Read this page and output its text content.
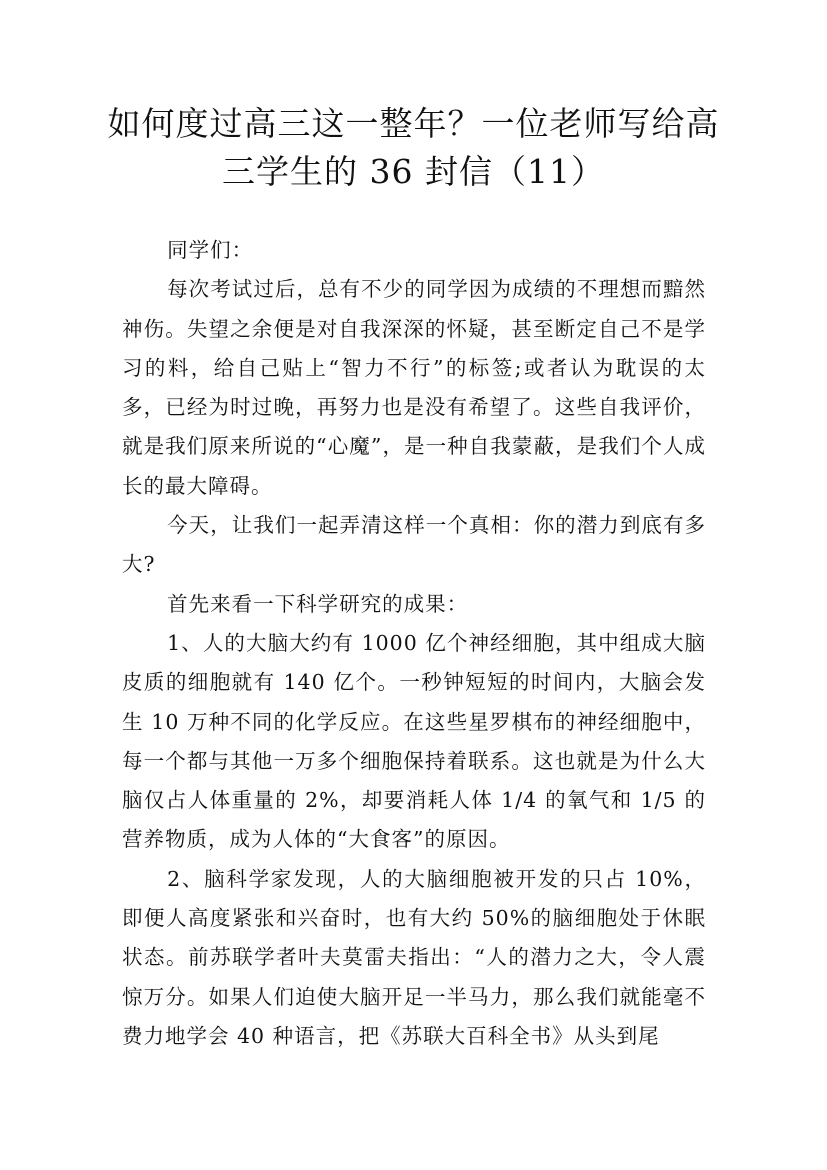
如何度过高三这一整年？一位老师写给高
三学生的 36 封信（11）

同学们：

每次考试过后，总有不少的同学因为成绩的不理想而黯然神伤。失望之余便是对自我深深的怀疑，甚至断定自己不是学习的料，给自己贴上“智力不行”的标签;或者认为耽误的太多，已经为时过晚，再努力也是没有希望了。这些自我评价，就是我们原来所说的“心魔”，是一种自我蒙蔽，是我们个人成长的最大障碍。

今天，让我们一起弄清这样一个真相：你的潜力到底有多大?

首先来看一下科学研究的成果：

1、人的大脑大约有 1000 亿个神经细胞，其中组成大脑皮质的细胞就有 140 亿个。一秒钟短短的时间内，大脑会发生 10 万种不同的化学反应。在这些星罗棋布的神经细胞中，每一个都与其他一万多个细胞保持着联系。这也就是为什么大脑仅占人体重量的 2%，却要消耗人体 1/4 的氧气和 1/5 的营养物质，成为人体的“大食客”的原因。

2、脑科学家发现，人的大脑细胞被开发的只占 10%，即便人高度紧张和兴奋时，也有大约 50%的脑细胞处于休眠状态。前苏联学者叶夫莫雷夫指出：“人的潜力之大，令人震惊万分。如果人们迫使大脑开足一半马力，那么我们就能毫不费力地学会 40 种语言，把《苏联大百科全书》从头到尾
